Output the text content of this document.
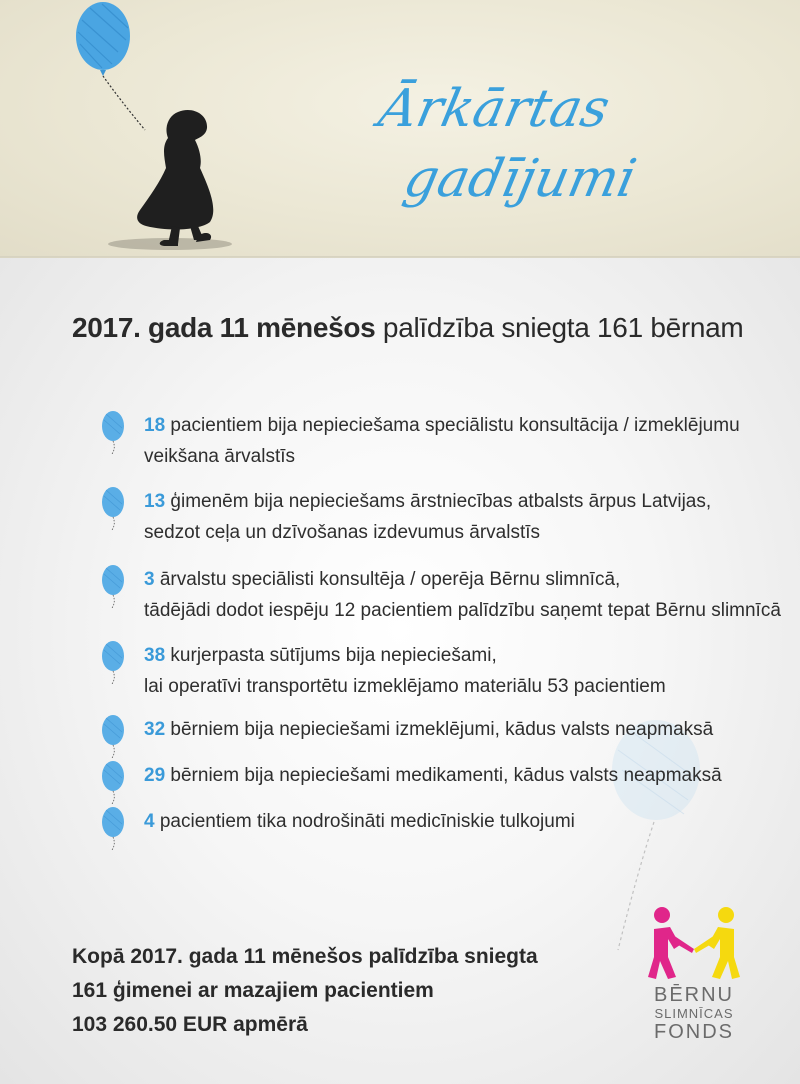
Ārkārtas
gadījumi
2017. gada 11 mēnešos palīdzība sniegta 161 bērnam
18 pacientiem bija nepieciešama speciālistu konsultācija / izmeklējumu
veikšana ārvalstīs
13 ģimenēm bija nepieciešams ārstniecības atbalsts ārpus Latvijas,
sedzot ceļa un dzīvošanas izdevumus ārvalstīs
3 ārvalstu speciālisti konsultēja / operēja Bērnu slimnīcā,
tādējādi dodot iespēju 12 pacientiem palīdzību saņemt tepat Bērnu slimnīcā
38 kurjerpasta sūtījums bija nepieciešami,
lai operatīvi transportētu izmeklējamo materiālu 53 pacientiem
32 bērniem bija nepieciešami izmeklējumi, kādus valsts neapmaksā
29 bērniem bija nepieciešami medikamenti, kādus valsts neapmaksā
4 pacientiem tika nodrošināti medicīniskie tulkojumi
Kopā 2017. gada 11 mēnešos palīdzība sniegta
161 ģimenei ar mazajiem pacientiem
103 260.50 EUR apmērā
BĒRNU
SLIMNĪCAS
FONDS
